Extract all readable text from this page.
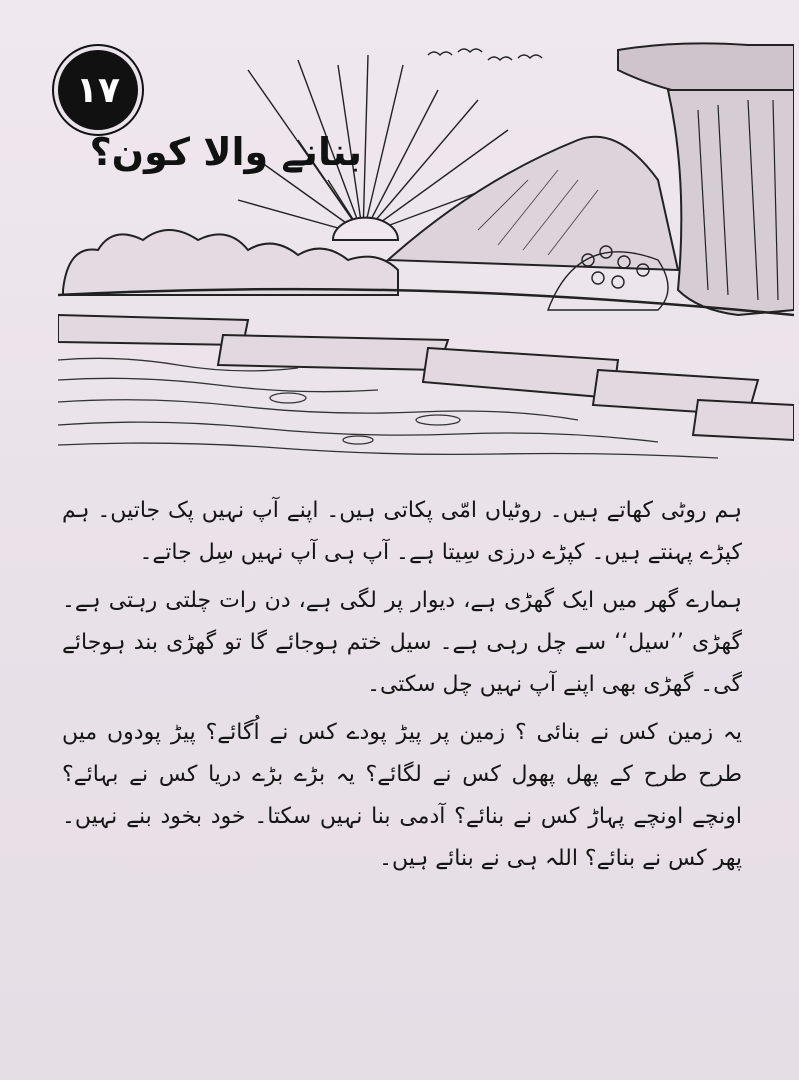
۱۷
بنانے والا کون؟

ہم روٹی کھاتے ہیں۔ روٹیاں امّی پکاتی ہیں۔ اپنے آپ نہیں پک جاتیں۔ ہم کپڑے پہنتے ہیں۔ کپڑے درزی سِیتا ہے۔ آپ ہی آپ نہیں سِل جاتے۔

ہمارے گھر میں ایک گھڑی ہے، دیوار پر لگی ہے، دن رات چلتی رہتی ہے۔ گھڑی ’’سیل‘‘ سے چل رہی ہے۔ سیل ختم ہوجائے گا تو گھڑی بند ہوجائے گی۔ گھڑی بھی اپنے آپ نہیں چل سکتی۔

یہ زمین کس نے بنائی ؟ زمین پر پیڑ پودے کس نے اُگائے؟ پیڑ پودوں میں طرح طرح کے پھل پھول کس نے لگائے؟ یہ بڑے بڑے دریا کس نے بہائے؟ اونچے اونچے پہاڑ کس نے بنائے؟ آدمی بنا نہیں سکتا۔ خود بخود بنے نہیں۔ پھر کس نے بنائے؟ اللہ ہی نے بنائے ہیں۔
